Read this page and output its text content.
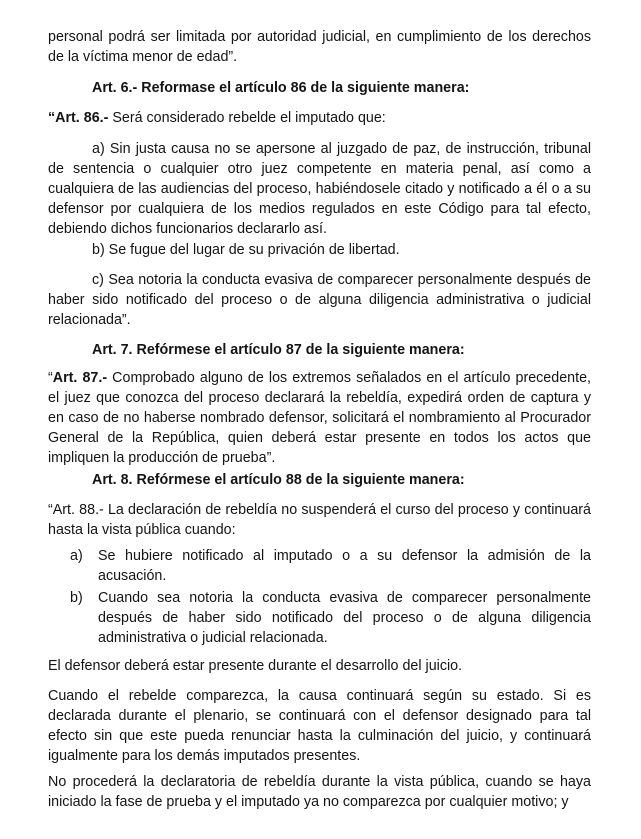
personal podrá ser limitada por autoridad judicial, en cumplimiento de los derechos de la víctima menor de edad”.

Art. 6.- Reformase el artículo 86 de la siguiente manera:

“Art. 86.- Será considerado rebelde el imputado que:

a) Sin justa causa no se apersone al juzgado de paz, de instrucción, tribunal de sentencia o cualquier otro juez competente en materia penal, así como a cualquiera de las audiencias del proceso, habiéndosele citado y notificado a él o a su defensor por cualquiera de los medios regulados en este Código para tal efecto, debiendo dichos funcionarios declararlo así.

b) Se fugue del lugar de su privación de libertad.

c) Sea notoria la conducta evasiva de comparecer personalmente después de haber sido notificado del proceso o de alguna diligencia administrativa o judicial relacionada”.

Art. 7. Refórmese el artículo 87 de la siguiente manera:

“Art. 87.- Comprobado alguno de los extremos señalados en el artículo precedente, el juez que conozca del proceso declarará la rebeldía, expedirá orden de captura y en caso de no haberse nombrado defensor, solicitará el nombramiento al Procurador General de la República, quien deberá estar presente en todos los actos que impliquen la producción de prueba”.

Art. 8. Refórmese el artículo 88 de la siguiente manera:

“Art. 88.- La declaración de rebeldía no suspenderá el curso del proceso y continuará hasta la vista pública cuando:

a)	Se hubiere notificado al imputado o a su defensor la admisión de la acusación.

b)	Cuando sea notoria la conducta evasiva de comparecer personalmente después de haber sido notificado del proceso o de alguna diligencia administrativa o judicial relacionada.

El defensor deberá estar presente durante el desarrollo del juicio.

Cuando el rebelde comparezca, la causa continuará según su estado. Si es declarada durante el plenario, se continuará con el defensor designado para tal efecto sin que este pueda renunciar hasta la culminación del juicio, y continuará igualmente para los demás imputados presentes.

No procederá la declaratoria de rebeldía durante la vista pública, cuando se haya iniciado la fase de prueba y el imputado ya no comparezca por cualquier motivo; y
